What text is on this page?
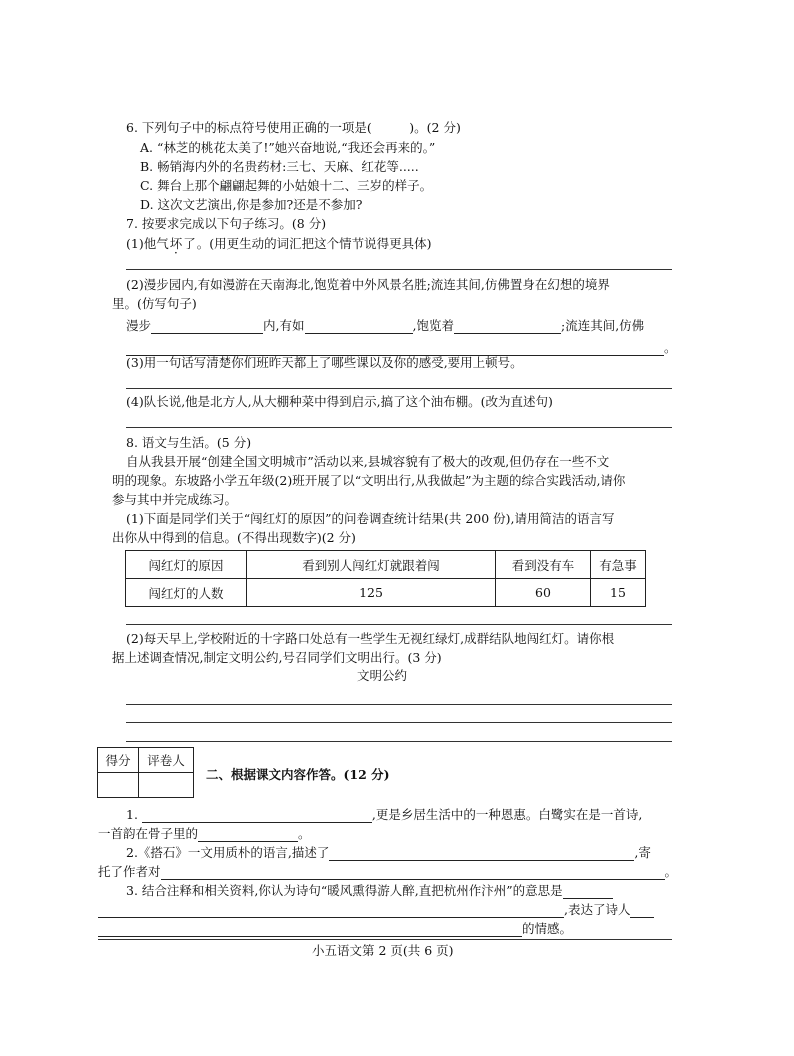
6. 下列句子中的标点符号使用正确的一项是(　　　)。(2 分)
A. “林芝的桃花太美了!”她兴奋地说,“我还会再来的。”
B. 畅销海内外的名贵药材:三七、天麻、红花等.....
C. 舞台上那个翩翩起舞的小姑娘十二、三岁的样子。
D. 这次文艺演出,你是参加?还是不参加?
7. 按要求完成以下句子练习。(8 分)
(1)他气坏了。(用更生动的词汇把这个情节说得更具体)
(2)漫步园内,有如漫游在天南海北,饱览着中外风景名胜;流连其间,仿佛置身在幻想的境界
里。(仿写句子)
漫步	内,有如	,饱览着	;流连其间,仿佛
。
(3)用一句话写清楚你们班昨天都上了哪些课以及你的感受,要用上顿号。
(4)队长说,他是北方人,从大棚种菜中得到启示,搞了这个油布棚。(改为直述句)
8. 语文与生活。(5 分)
自从我县开展“创建全国文明城市”活动以来,县城容貌有了极大的改观,但仍存在一些不文
明的现象。东坡路小学五年级(2)班开展了以“文明出行,从我做起”为主题的综合实践活动,请你
参与其中并完成练习。
(1)下面是同学们关于“闯红灯的原因”的问卷调查统计结果(共 200 份),请用简洁的语言写
出你从中得到的信息。(不得出现数字)(2 分)
闯红灯的原因	看到别人闯红灯就跟着闯	看到没有车	有急事
闯红灯的人数	125	60	15
(2)每天早上,学校附近的十字路口处总有一些学生无视红绿灯,成群结队地闯红灯。请你根
据上述调查情况,制定文明公约,号召同学们文明出行。(3 分)
文明公约
得分	评卷人

二、根据课文内容作答。(12 分)
1.	,更是乡居生活中的一种恩惠。白鹭实在是一首诗,
一首韵在骨子里的	。
2.《搭石》一文用质朴的语言,描述了	,寄
托了作者对	。
3. 结合注释和相关资料,你认为诗句“暖风熏得游人醉,直把杭州作汴州”的意思是
,表达了诗人
的情感。
小五语文第 2 页(共 6 页)
